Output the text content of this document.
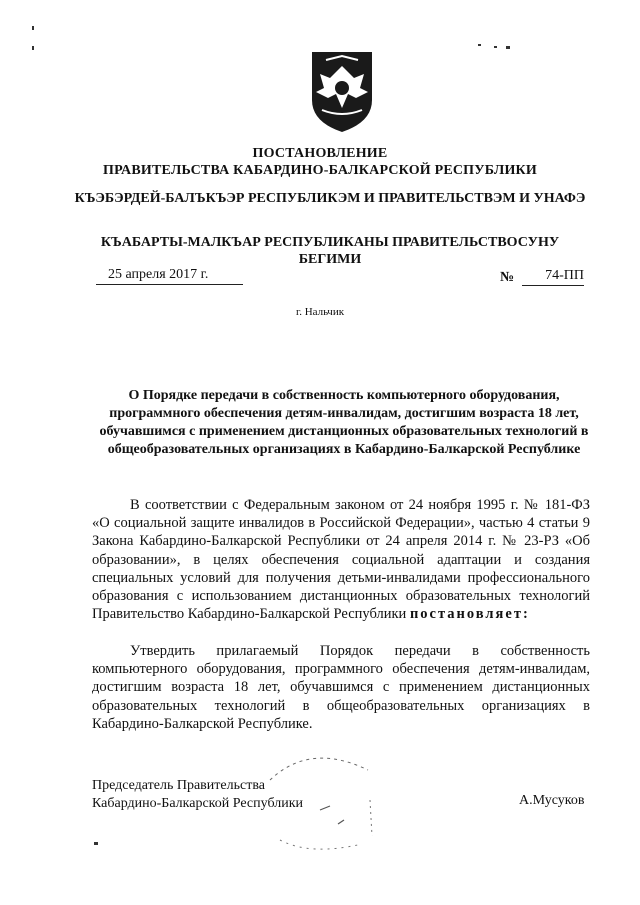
ПОСТАНОВЛЕНИЕ
ПРАВИТЕЛЬСТВА КАБАРДИНО-БАЛКАРСКОЙ РЕСПУБЛИКИ
КЪЭБЭРДЕЙ-БАЛЪКЪЭР РЕСПУБЛИКЭМ И ПРАВИТЕЛЬСТВЭМ И УНАФЭ
КЪАБАРТЫ-МАЛКЪАР РЕСПУБЛИКАНЫ ПРАВИТЕЛЬСТВОСУНУ БЕГИМИ
25 апреля 2017 г.	№	74-ПП
г. Нальчик
О Порядке передачи в собственность компьютерного оборудования, программного обеспечения детям-инвалидам, достигшим возраста 18 лет, обучавшимся с применением дистанционных образовательных технологий в общеобразовательных организациях в Кабардино-Балкарской Республике
В соответствии с Федеральным законом от 24 ноября 1995 г. № 181-ФЗ «О социальной защите инвалидов в Российской Федерации», частью 4 статьи 9 Закона Кабардино-Балкарской Республики от 24 апреля 2014 г. № 23-РЗ «Об образовании», в целях обеспечения социальной адаптации и создания специальных условий для получения детьми-инвалидами профессионального образования с использованием дистанционных образовательных технологий Правительство Кабардино-Балкарской Республики постановляет:
Утвердить прилагаемый Порядок передачи в собственность компьютерного оборудования, программного обеспечения детям-инвалидам, достигшим возраста 18 лет, обучавшимся с применением дистанционных образовательных технологий в общеобразовательных организациях в Кабардино-Балкарской Республике.
Председатель Правительства
Кабардино-Балкарской Республики	А.Мусуков
